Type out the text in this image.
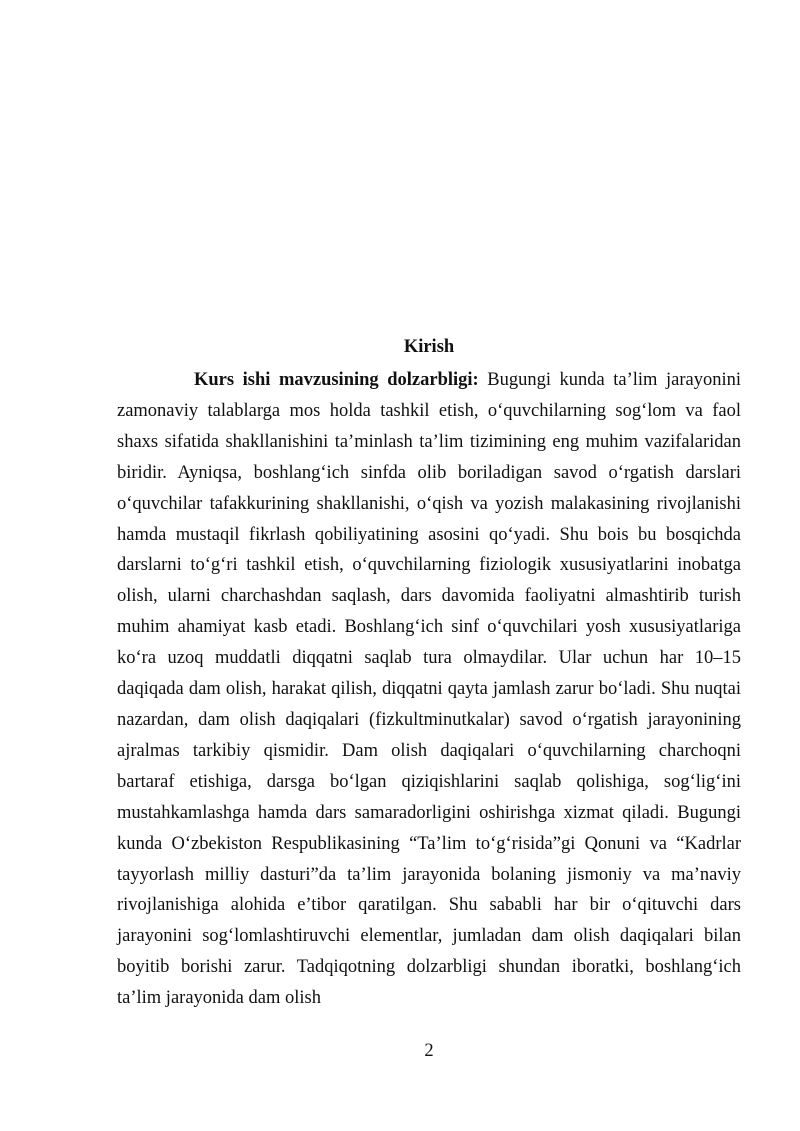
Kirish

Kurs ishi mavzusining dolzarbligi: Bugungi kunda ta’lim jarayonini zamonaviy talablarga mos holda tashkil etish, o‘quvchilarning sog‘lom va faol shaxs sifatida shakllanishini ta’minlash ta’lim tizimining eng muhim vazifalaridan biridir. Ayniqsa, boshlang‘ich sinfda olib boriladigan savod o‘rgatish darslari o‘quvchilar tafakkurining shakllanishi, o‘qish va yozish malakasining rivojlanishi hamda mustaqil fikrlash qobiliyatining asosini qo‘yadi. Shu bois bu bosqichda darslarni to‘g‘ri tashkil etish, o‘quvchilarning fiziologik xususiyatlarini inobatga olish, ularni charchashdan saqlash, dars davomida faoliyatni almashtirib turish muhim ahamiyat kasb etadi. Boshlang‘ich sinf o‘quvchilari yosh xususiyatlariga ko‘ra uzoq muddatli diqqatni saqlab tura olmaydilar. Ular uchun har 10–15 daqiqada dam olish, harakat qilish, diqqatni qayta jamlash zarur bo‘ladi. Shu nuqtai nazardan, dam olish daqiqalari (fizkultminutkalar) savod o‘rgatish jarayonining ajralmas tarkibiy qismidir. Dam olish daqiqalari o‘quvchilarning charchoqni bartaraf etishiga, darsga bo‘lgan qiziqishlarini saqlab qolishiga, sog‘lig‘ini mustahkamlashga hamda dars samaradorligini oshirishga xizmat qiladi. Bugungi kunda O‘zbekiston Respublikasining “Ta’lim to‘g‘risida”gi Qonuni va “Kadrlar tayyorlash milliy dasturi”da ta’lim jarayonida bolaning jismoniy va ma’naviy rivojlanishiga alohida e’tibor qaratilgan. Shu sababli har bir o‘qituvchi dars jarayonini sog‘lomlashtiruvchi elementlar, jumladan dam olish daqiqalari bilan boyitib borishi zarur. Tadqiqotning dolzarbligi shundan iboratki, boshlang‘ich ta’lim jarayonida dam olish

2
